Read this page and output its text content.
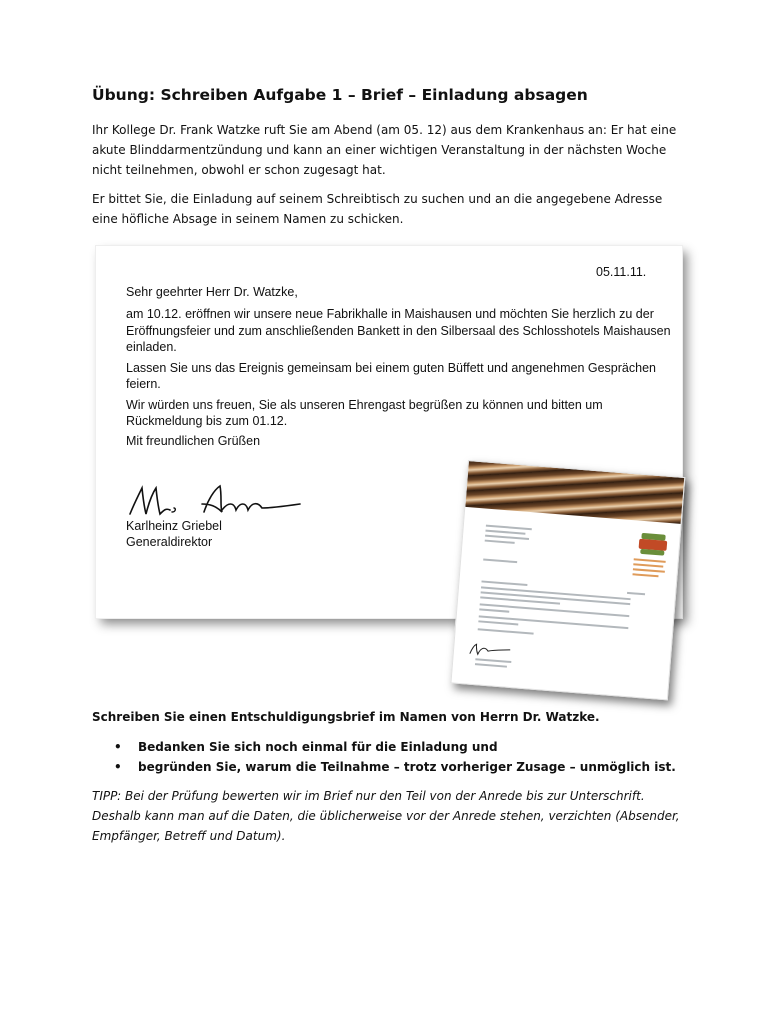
Übung: Schreiben Aufgabe 1 – Brief – Einladung absagen

Ihr Kollege Dr. Frank Watzke ruft Sie am Abend (am 05. 12) aus dem Krankenhaus an: Er hat eine akute Blinddarmentzündung und kann an einer wichtigen Veranstaltung in der nächsten Woche nicht teilnehmen, obwohl er schon zugesagt hat.

Er bittet Sie, die Einladung auf seinem Schreibtisch zu suchen und an die angegebene Adresse eine höfliche Absage in seinem Namen zu schicken.

05.11.11.
Sehr geehrter Herr Dr. Watzke,

am 10.12. eröffnen wir unsere neue Fabrikhalle in Maishausen und möchten Sie herzlich zu der Eröffnungsfeier und zum anschließenden Bankett in den Silbersaal des Schlosshotels Maishausen einladen.

Lassen Sie uns das Ereignis gemeinsam bei einem guten Büffett und angenehmen Gesprächen feiern.

Wir würden uns freuen, Sie als unseren Ehrengast begrüßen zu können und bitten um Rückmeldung bis zum 01.12.

Mit freundlichen Grüßen
Karlheinz Griebel
Generaldirektor

Schreiben Sie einen Entschuldigungsbrief im Namen von Herrn Dr. Watzke.

• Bedanken Sie sich noch einmal für die Einladung und
• begründen Sie, warum die Teilnahme – trotz vorheriger Zusage – unmöglich ist.

TIPP: Bei der Prüfung bewerten wir im Brief nur den Teil von der Anrede bis zur Unterschrift. Deshalb kann man auf die Daten, die üblicherweise vor der Anrede stehen, verzichten (Absender, Empfänger, Betreff und Datum).
